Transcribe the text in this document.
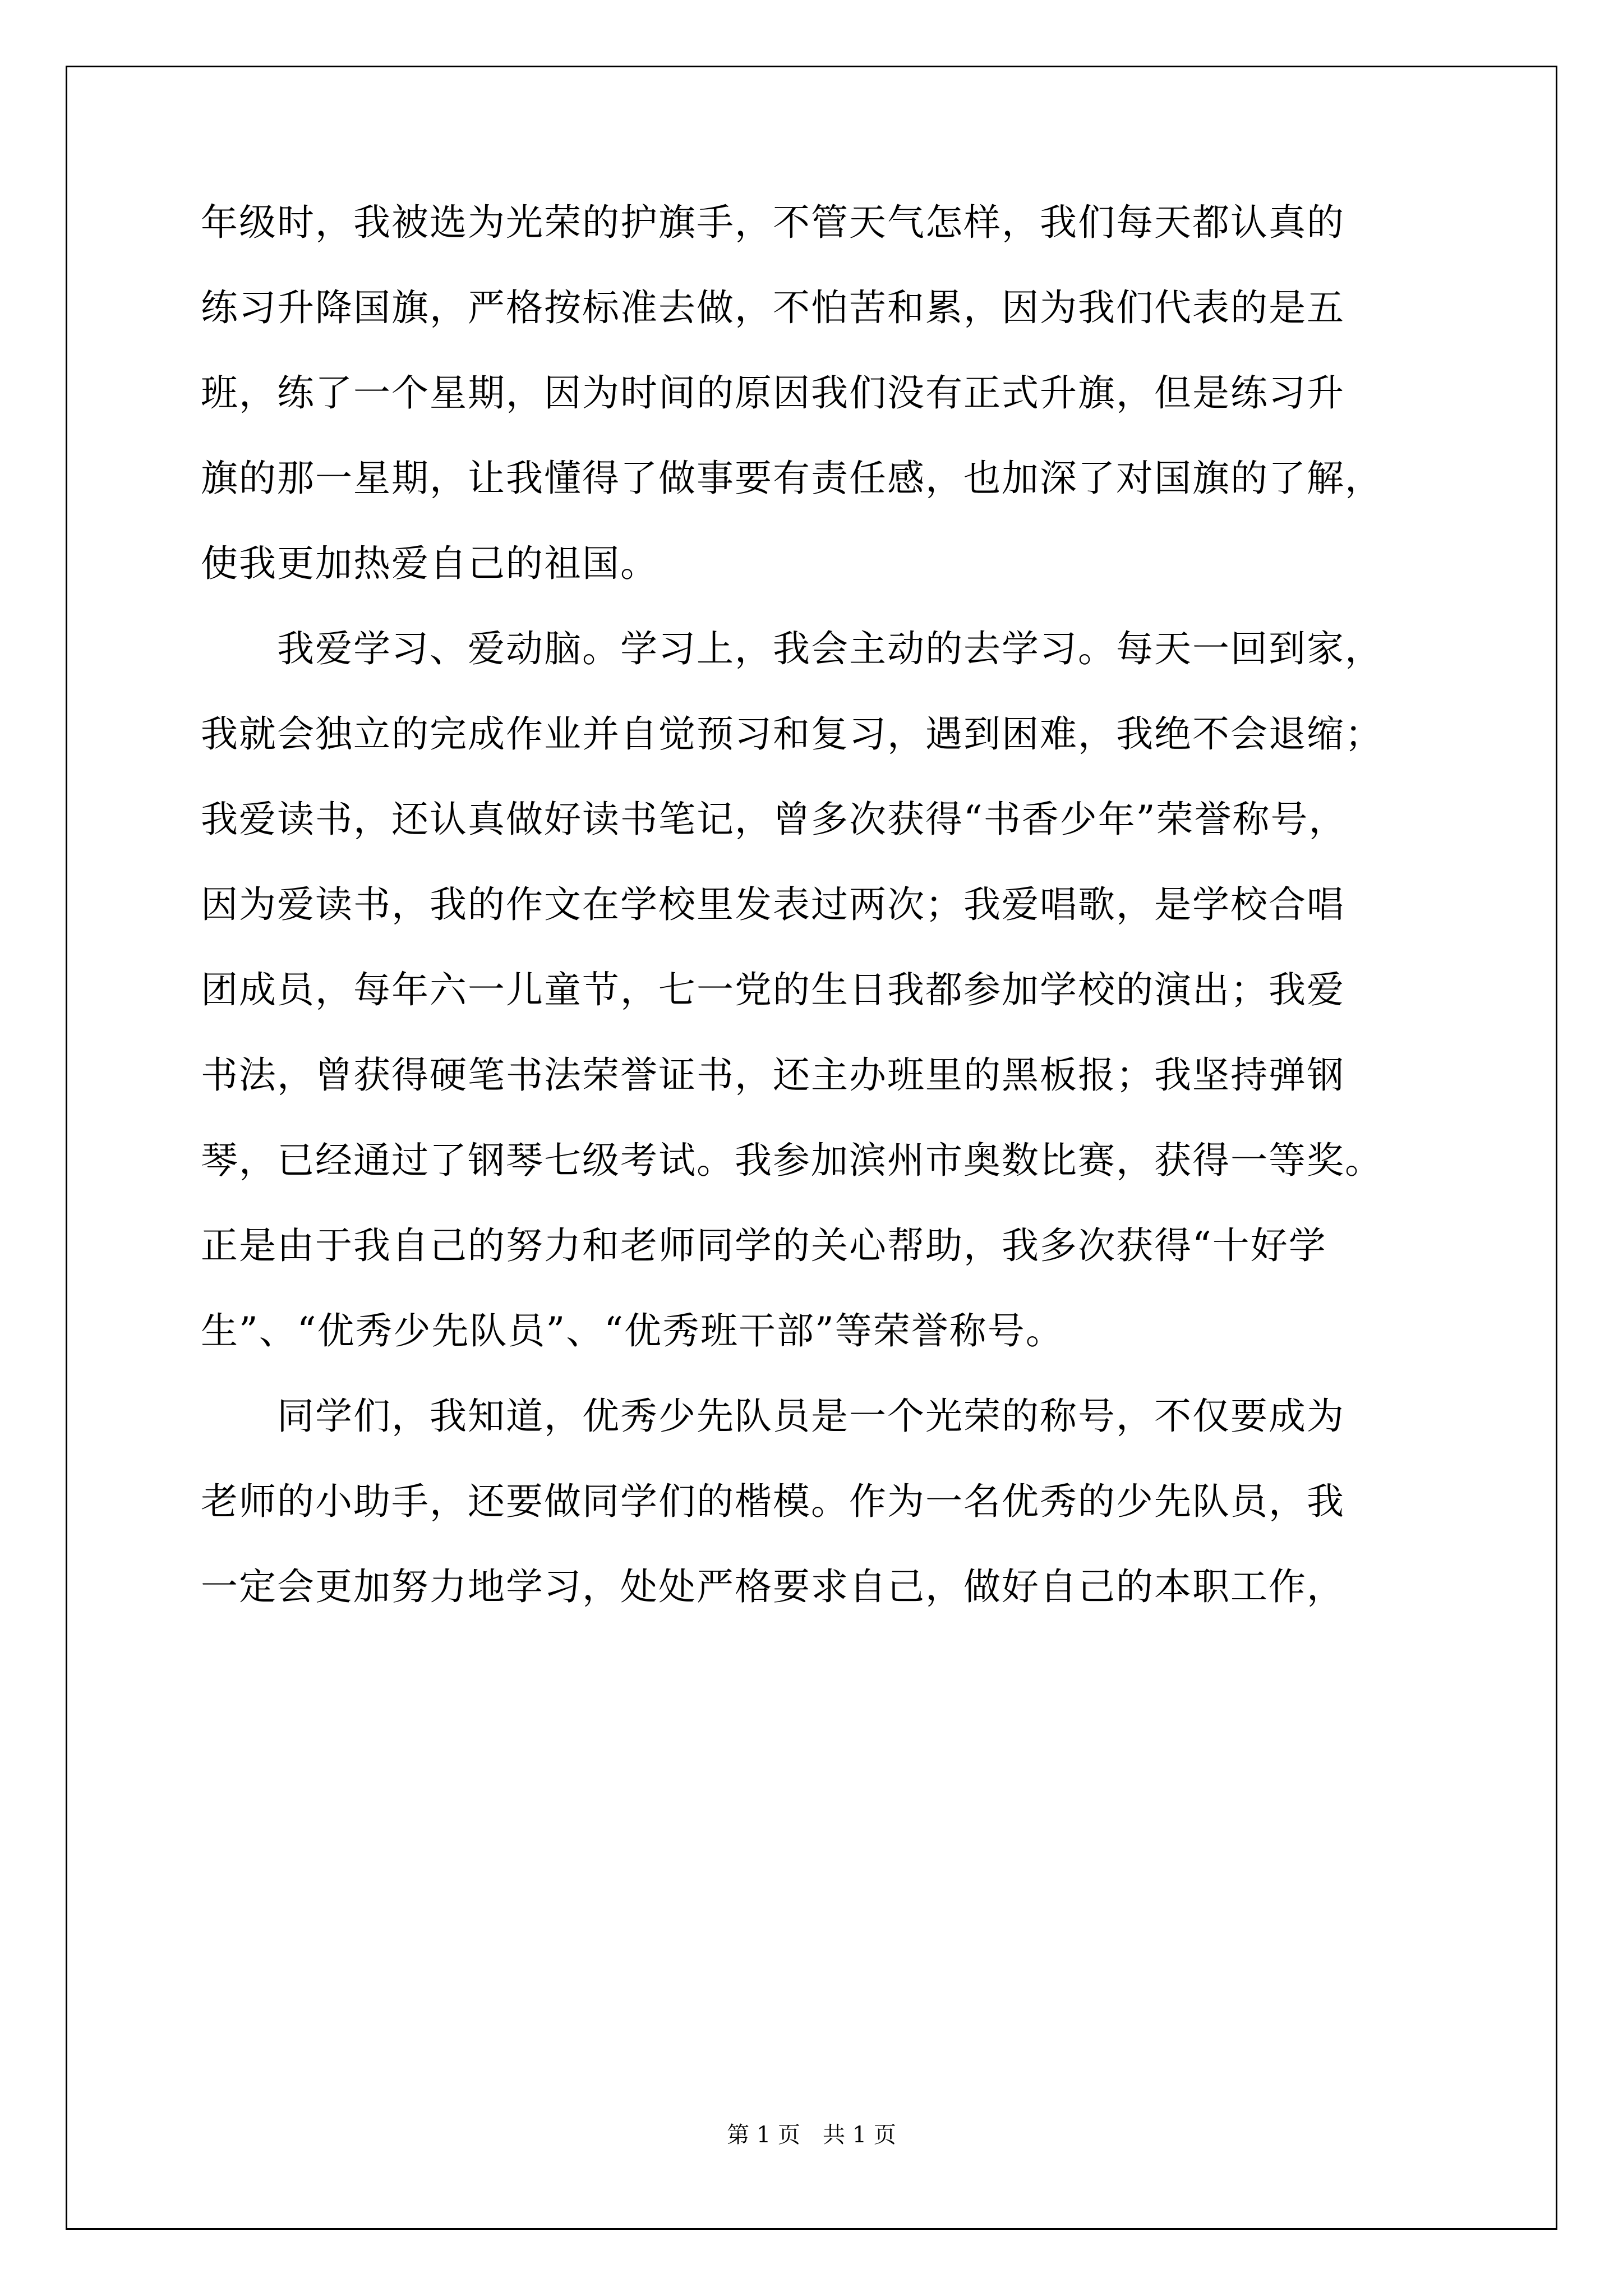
年级时，我被选为光荣的护旗手，不管天气怎样，我们每天都认真的
练习升降国旗，严格按标准去做，不怕苦和累，因为我们代表的是五
班，练了一个星期，因为时间的原因我们没有正式升旗，但是练习升
旗的那一星期，让我懂得了做事要有责任感，也加深了对国旗的了解，
使我更加热爱自己的祖国。
　　我爱学习、爱动脑。学习上，我会主动的去学习。每天一回到家，
我就会独立的完成作业并自觉预习和复习，遇到困难，我绝不会退缩；
我爱读书，还认真做好读书笔记，曾多次获得“书香少年”荣誉称号，
因为爱读书，我的作文在学校里发表过两次；我爱唱歌，是学校合唱
团成员，每年六一儿童节，七一党的生日我都参加学校的演出；我爱
书法，曾获得硬笔书法荣誉证书，还主办班里的黑板报；我坚持弹钢
琴，已经通过了钢琴七级考试。我参加滨州市奥数比赛，获得一等奖。
正是由于我自己的努力和老师同学的关心帮助，我多次获得“十好学
生”、“优秀少先队员”、“优秀班干部”等荣誉称号。
　　同学们，我知道，优秀少先队员是一个光荣的称号，不仅要成为
老师的小助手，还要做同学们的楷模。作为一名优秀的少先队员，我
一定会更加努力地学习，处处严格要求自己，做好自己的本职工作，
第 1 页　共 1 页
